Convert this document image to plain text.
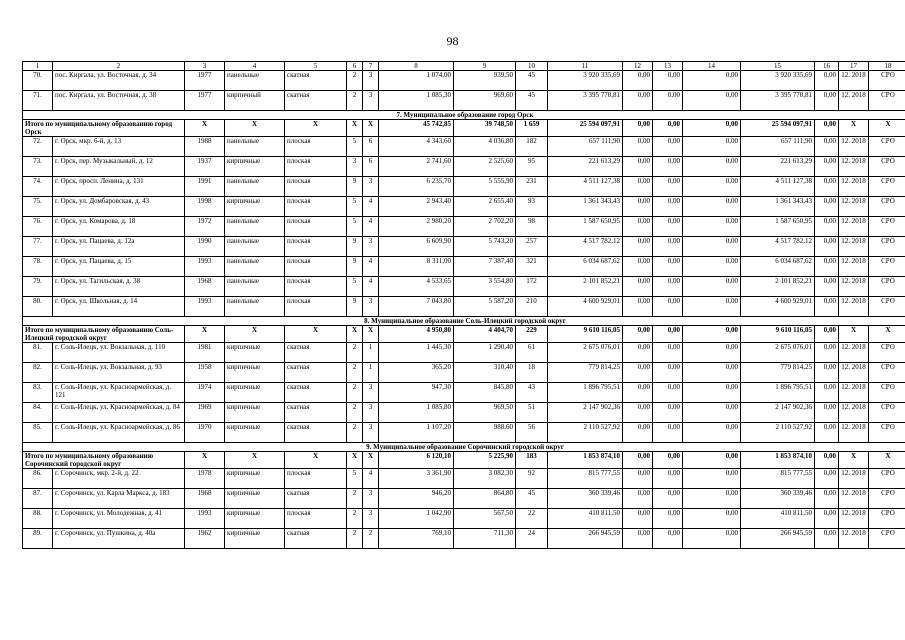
98
1	2	3	4	5	6	7	8	9	10	11	12	13	14	15	16	17	18
70.	пос. Киргала, ул. Восточная, д. 34	1977	панельные	скатная	2	3	1 074,00	939,50	45	3 920 335,69	0,00	0,00	0,00	3 920 335,69	0,00	12. 2018	СРО
71.	пос. Киргала, ул. Восточная, д. 38	1977	кирпичный	скатная	2	3	1 085,30	969,60	45	3 395 770,81	0,00	0,00	0,00	3 395 770,81	0,00	12. 2018	СРО
7. Муниципальное образование город Орск																	
Итого по муниципальному образованию город Орск		X	X	X	X	X	45 742,85	39 748,50	1 659	25 594 097,91	0,00	0,00	0,00	25 594 097,91	0,00	X	X
72.	г. Орск, мкр. 6-й, д. 13	1988	панельные	плоская	5	6	4 343,60	4 036,80	182	657 111,90	0,00	0,00	0,00	657 111,90	0,00	12. 2018	СРО
73.	г. Орск, пер. Музыкальный, д. 12	1937	кирпичные	плоская	3	6	2 741,60	2 525,60	95	221 613,29	0,00	0,00	0,00	221 613,29	0,00	12. 2018	СРО
74.	г. Орск, просп. Ленина, д. 131	1991	панельные	плоская	9	3	6 235,70	5 555,90	231	4 511 127,38	0,00	0,00	0,00	4 511 127,38	0,00	12. 2018	СРО
75.	г. Орск, ул. Домбаровская, д. 43	1998	кирпичные	плоская	5	4	2 943,40	2 655,40	93	1 361 343,43	0,00	0,00	0,00	1 361 343,43	0,00	12. 2018	СРО
76.	г. Орск, ул. Комарова, д. 18	1972	панельные	плоская	5	4	2 980,20	2 702,20	98	1 587 650,95	0,00	0,00	0,00	1 587 650,95	0,00	12. 2018	СРО
77.	г. Орск, ул. Пацаева, д. 12а	1990	панельные	плоская	9	3	6 609,90	5 743,20	257	4 517 782,12	0,00	0,00	0,00	4 517 782,12	0,00	12. 2018	СРО
78.	г. Орск, ул. Пацаева, д. 15	1993	панельные	плоская	9	4	8 311,00	7 387,40	321	6 034 687,62	0,00	0,00	0,00	6 034 687,62	0,00	12. 2018	СРО
79.	г. Орск, ул. Тагильская, д. 38	1968	панельные	плоская	5	4	4 533,65	3 554,80	172	2 101 852,21	0,00	0,00	0,00	2 101 852,21	0,00	12. 2018	СРО
80.	г. Орск, ул. Школьная, д. 14	1993	панельные	плоская	9	3	7 043,80	5 587,20	210	4 600 929,01	0,00	0,00	0,00	4 600 929,01	0,00	12. 2018	СРО
8. Муниципальное образование Соль-Илецкий городской округ																	
Итого по муниципальному образованию Соль-Илецкий городской округ		X	X	X	X	X	4 950,80	4 404,70	229	9 610 116,05	0,00	0,00	0,00	9 610 116,05	0,00	X	X
81.	г. Соль-Илецк, ул. Вокзальная, д. 110	1981	кирпичные	скатная	2	1	1 445,30	1 290,40	61	2 675 076,01	0,00	0,00	0,00	2 675 076,01	0,00	12. 2018	СРО
82.	г. Соль-Илецк, ул. Вокзальная, д. 93	1958	кирпичные	скатная	2	1	365,20	310,40	18	779 814,25	0,00	0,00	0,00	779 814,25	0,00	12. 2018	СРО
83.	г. Соль-Илецк, ул. Красноармейская, д. 121	1974	кирпичные	скатная	2	3	947,30	845,80	43	1 896 795,51	0,00	0,00	0,00	1 896 795,51	0,00	12. 2018	СРО
84.	г. Соль-Илецк, ул. Красноармейская, д. 84	1969	кирпичные	скатная	2	3	1 085,80	969,50	51	2 147 902,36	0,00	0,00	0,00	2 147 902,36	0,00	12. 2018	СРО
85.	г. Соль-Илецк, ул. Красноармейская, д. 86	1970	кирпичные	скатная	2	3	1 107,20	988,60	56	2 110 527,92	0,00	0,00	0,00	2 110 527,92	0,00	12. 2018	СРО
9. Муниципальное образование Сорочинский городской округ																	
Итого по муниципальному образованию Сорочинский городской округ		X	X	X	X	X	6 120,10	5 225,90	183	1 853 874,10	0,00	0,00	0,00	1 853 874,10	0,00	X	X
86.	г. Сорочинск, мкр. 2-й, д. 22	1978	кирпичные	плоская	5	4	3 361,90	3 082,30	92	815 777,55	0,00	0,00	0,00	815 777,55	0,00	12. 2018	СРО
87.	г. Сорочинск, ул. Карла Маркса, д. 183	1968	кирпичные	скатная	2	3	946,20	864,80	45	360 339,46	0,00	0,00	0,00	360 339,46	0,00	12. 2018	СРО
88.	г. Сорочинск, ул. Молодежная, д. 41	1993	кирпичные	плоская	2	3	1 042,90	567,50	22	410 811,50	0,00	0,00	0,00	410 811,50	0,00	12. 2018	СРО
89.	г. Сорочинск, ул. Пушкина, д. 40а	1962	кирпичные	скатная	2	2	769,10	711,30	24	266 945,59	0,00	0,00	0,00	266 945,59	0,00	12. 2018	СРО
